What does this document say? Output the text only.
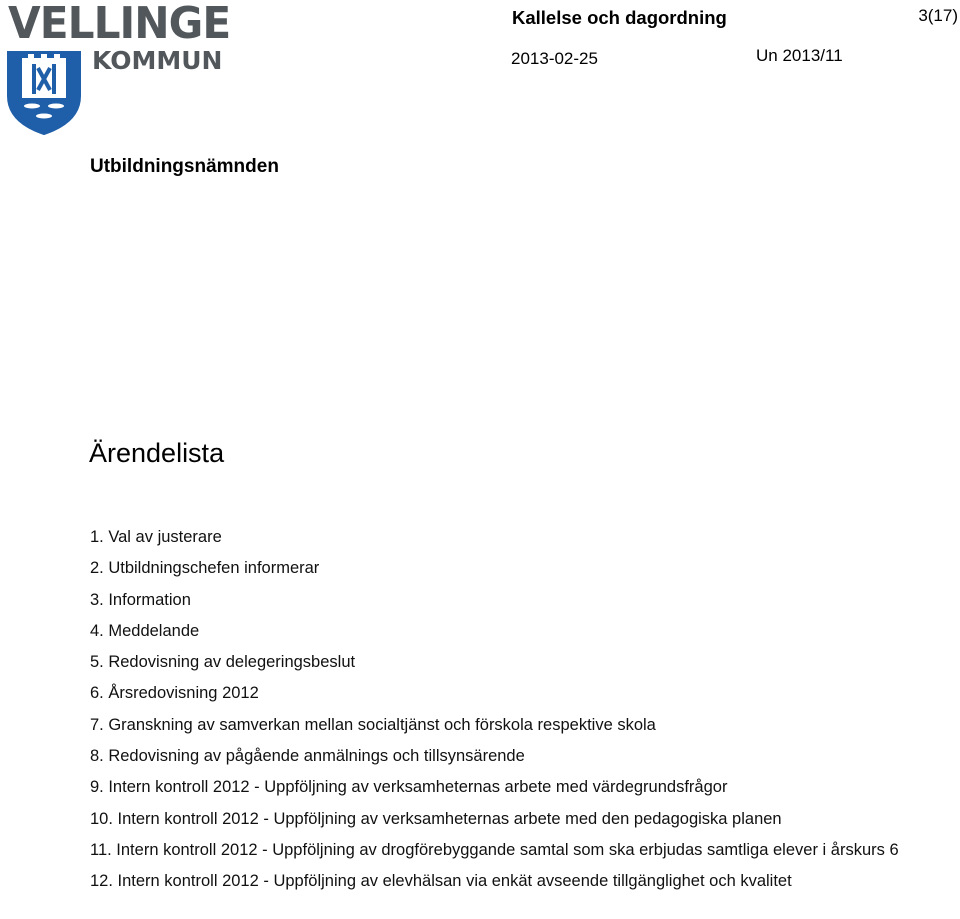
VELLINGE
KOMMUN
Kallelse och dagordning	3(17)
2013-02-25	Un 2013/11
Utbildningsnämnden
Ärendelista
1. Val av justerare
2. Utbildningschefen informerar
3. Information
4. Meddelande
5. Redovisning av delegeringsbeslut
6. Årsredovisning 2012
7. Granskning av samverkan mellan socialtjänst och förskola respektive skola
8. Redovisning av pågående anmälnings och tillsynsärende
9. Intern kontroll 2012 - Uppföljning av verksamheternas arbete med värdegrundsfrågor
10. Intern kontroll 2012 - Uppföljning av verksamheternas arbete med den pedagogiska planen
11. Intern kontroll 2012 - Uppföljning av drogförebyggande samtal som ska erbjudas samtliga elever i årskurs 6
12. Intern kontroll 2012 - Uppföljning av elevhälsan via enkät avseende tillgänglighet och kvalitet
